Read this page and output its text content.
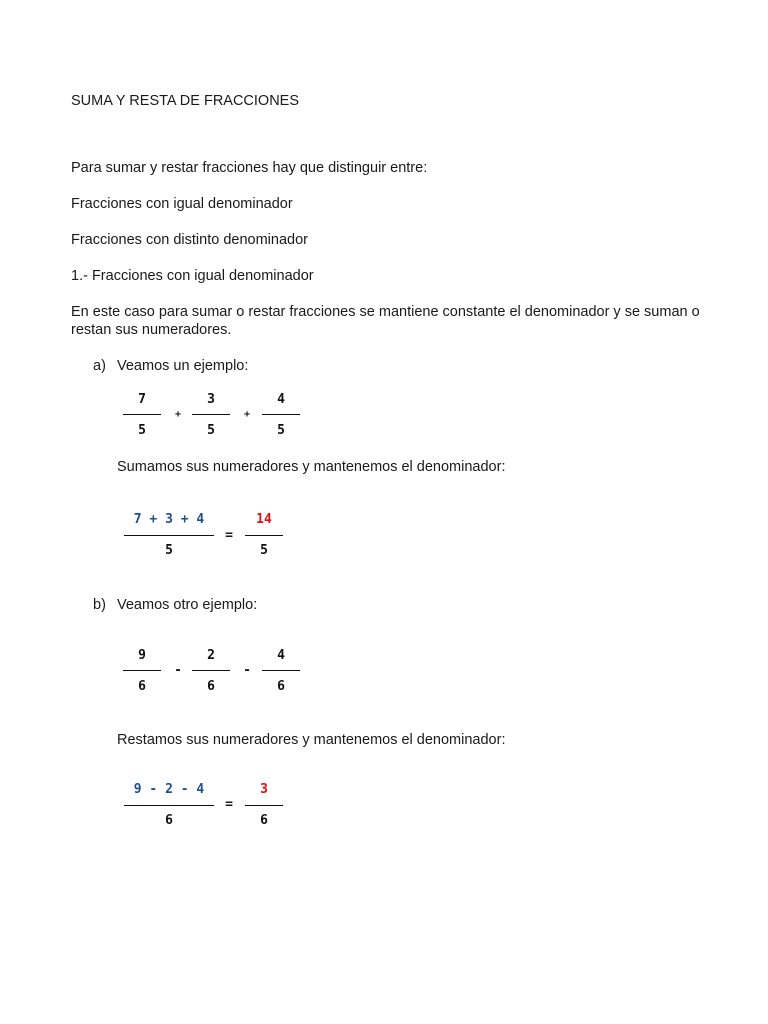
SUMA Y RESTA DE FRACCIONES
Para sumar y restar fracciones hay que distinguir entre:
Fracciones con igual denominador
Fracciones con distinto denominador
1.- Fracciones con igual denominador
En este caso para sumar o restar fracciones se mantiene constante el denominador y se suman o restan sus numeradores.
a) Veamos un ejemplo:
7
5
+
3
5
+
4
5
Sumamos sus numeradores y mantenemos el denominador:
7 + 3 + 4
5
=
14
5
b) Veamos otro ejemplo:
9
6
-
2
6
-
4
6
Restamos sus numeradores y mantenemos el denominador:
9 - 2 - 4
6
=
3
6
